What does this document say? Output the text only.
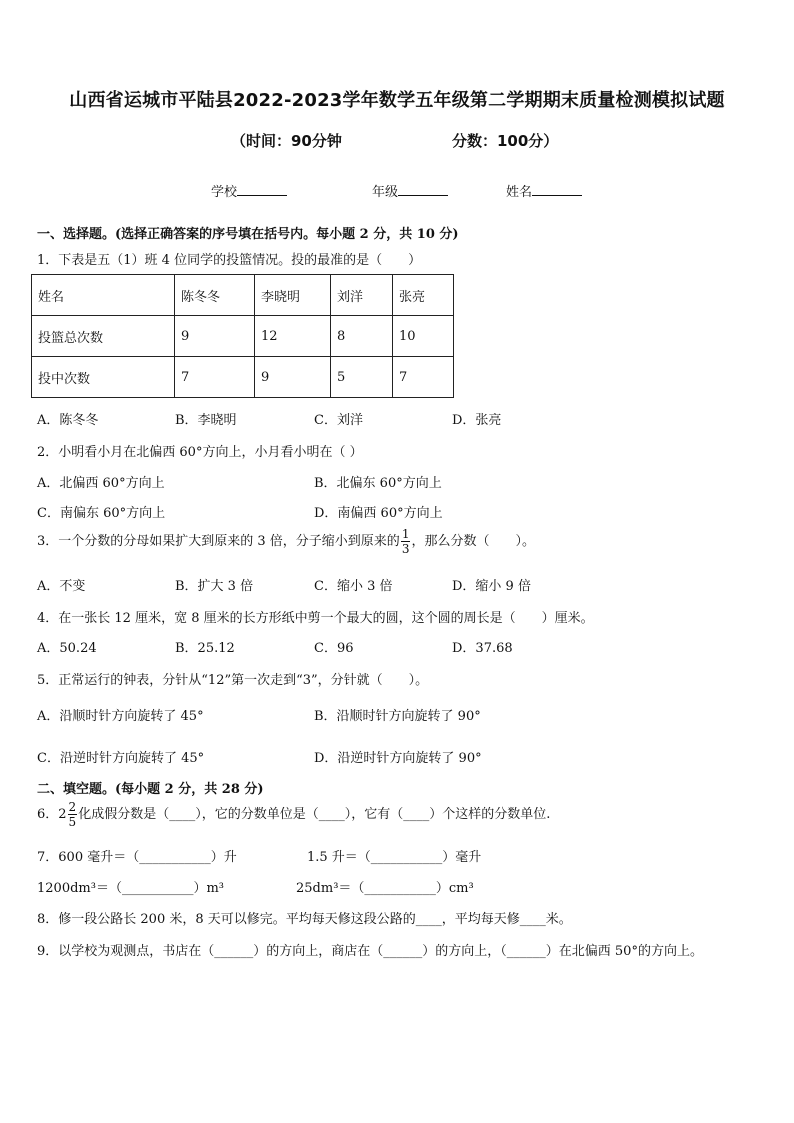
山西省运城市平陆县2022-2023学年数学五年级第二学期期末质量检测模拟试题
（时间：90分钟	分数：100分）
学校	年级	姓名
一、选择题。(选择正确答案的序号填在括号内。每小题 2 分，共 10 分)
1．下表是五（1）班 4 位同学的投篮情况。投的最准的是（　　）
姓名	陈冬冬	李晓明	刘洋	张亮
投篮总次数	9	12	8	10
投中次数	7	9	5	7
A．陈冬冬	B．李晓明	C．刘洋	D．张亮
2．小明看小月在北偏西 60°方向上，小月看小明在（ ）
A．北偏西 60°方向上	B．北偏东 60°方向上
C．南偏东 60°方向上	D．南偏西 60°方向上
3．一个分数的分母如果扩大到原来的 3 倍，分子缩小到原来的 $\frac{1}{3}$ ，那么分数（　　）。
A．不变	B．扩大 3 倍	C．缩小 3 倍	D．缩小 9 倍
4．在一张长 12 厘米，宽 8 厘米的长方形纸中剪一个最大的圆，这个圆的周长是（　　）厘米。
A．50.24	B．25.12	C．96	D．37.68
5．正常运行的钟表，分针从“12”第一次走到“3”，分针就（　　）。
A．沿顺时针方向旋转了 45°	B．沿顺时针方向旋转了 90°
C．沿逆时针方向旋转了 45°	D．沿逆时针方向旋转了 90°
二、填空题。(每小题 2 分，共 28 分)
6．$2 \frac{2}{5}$ 化成假分数是（____），它的分数单位是（____），它有（____）个这样的分数单位.
7．600 毫升＝（___________）升	1.5 升＝（___________）毫升
1200dm³＝（___________）m³	25dm³＝（___________）cm³
8．修一段公路长 200 米，8 天可以修完。平均每天修这段公路的____，平均每天修____米。
9．以学校为观测点，书店在（______）的方向上，商店在（______）的方向上，（______）在北偏西 50°的方向上。
